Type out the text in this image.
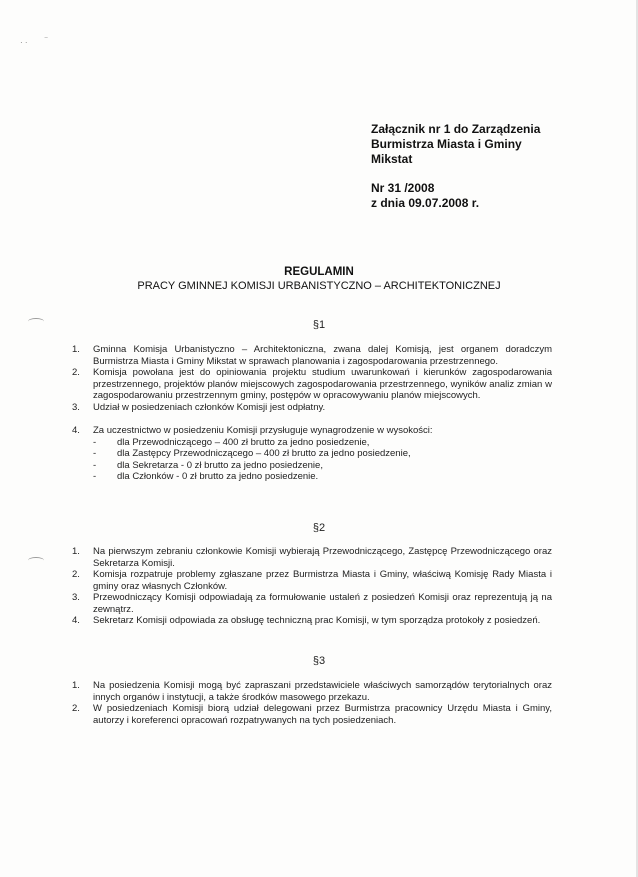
· · ⁻
Załącznik nr 1 do Zarządzenia
Burmistrza Miasta i Gminy
Mikstat
Nr 31 /2008
z dnia 09.07.2008 r.
REGULAMIN
PRACY GMINNEJ KOMISJI URBANISTYCZNO – ARCHITEKTONICZNEJ
§1
1. Gminna Komisja Urbanistyczno – Architektoniczna, zwana dalej Komisją, jest organem doradczym Burmistrza Miasta i Gminy Mikstat w sprawach planowania i zagospodarowania przestrzennego.
2. Komisja powołana jest do opiniowania projektu studium uwarunkowań i kierunków zagospodarowania przestrzennego, projektów planów miejscowych zagospodarowania przestrzennego, wyników analiz zmian w zagospodarowaniu przestrzennym gminy, postępów w opracowywaniu planów miejscowych.
3. Udział w posiedzeniach członków Komisji jest odpłatny.
4. Za uczestnictwo w posiedzeniu Komisji przysługuje wynagrodzenie w wysokości:
- dla Przewodniczącego – 400 zł brutto za jedno posiedzenie,
- dla Zastępcy Przewodniczącego – 400 zł brutto za jedno posiedzenie,
- dla Sekretarza - 0 zł brutto za jedno posiedzenie,
- dla Członków - 0 zł brutto za jedno posiedzenie.
§2
1. Na pierwszym zebraniu członkowie Komisji wybierają Przewodniczącego, Zastępcę Przewodniczącego oraz Sekretarza Komisji.
2. Komisja rozpatruje problemy zgłaszane przez Burmistrza Miasta i Gminy, właściwą Komisję Rady Miasta i gminy oraz własnych Członków.
3. Przewodniczący Komisji odpowiadają za formułowanie ustaleń z posiedzeń Komisji oraz reprezentują ją na zewnątrz.
4. Sekretarz Komisji odpowiada za obsługę techniczną prac Komisji, w tym sporządza protokoły z posiedzeń.
§3
1. Na posiedzenia Komisji mogą być zapraszani przedstawiciele właściwych samorządów terytorialnych oraz innych organów i instytucji, a także środków masowego przekazu.
2. W posiedzeniach Komisji biorą udział delegowani przez Burmistrza pracownicy Urzędu Miasta i Gminy, autorzy i koreferenci opracowań rozpatrywanych na tych posiedzeniach.
